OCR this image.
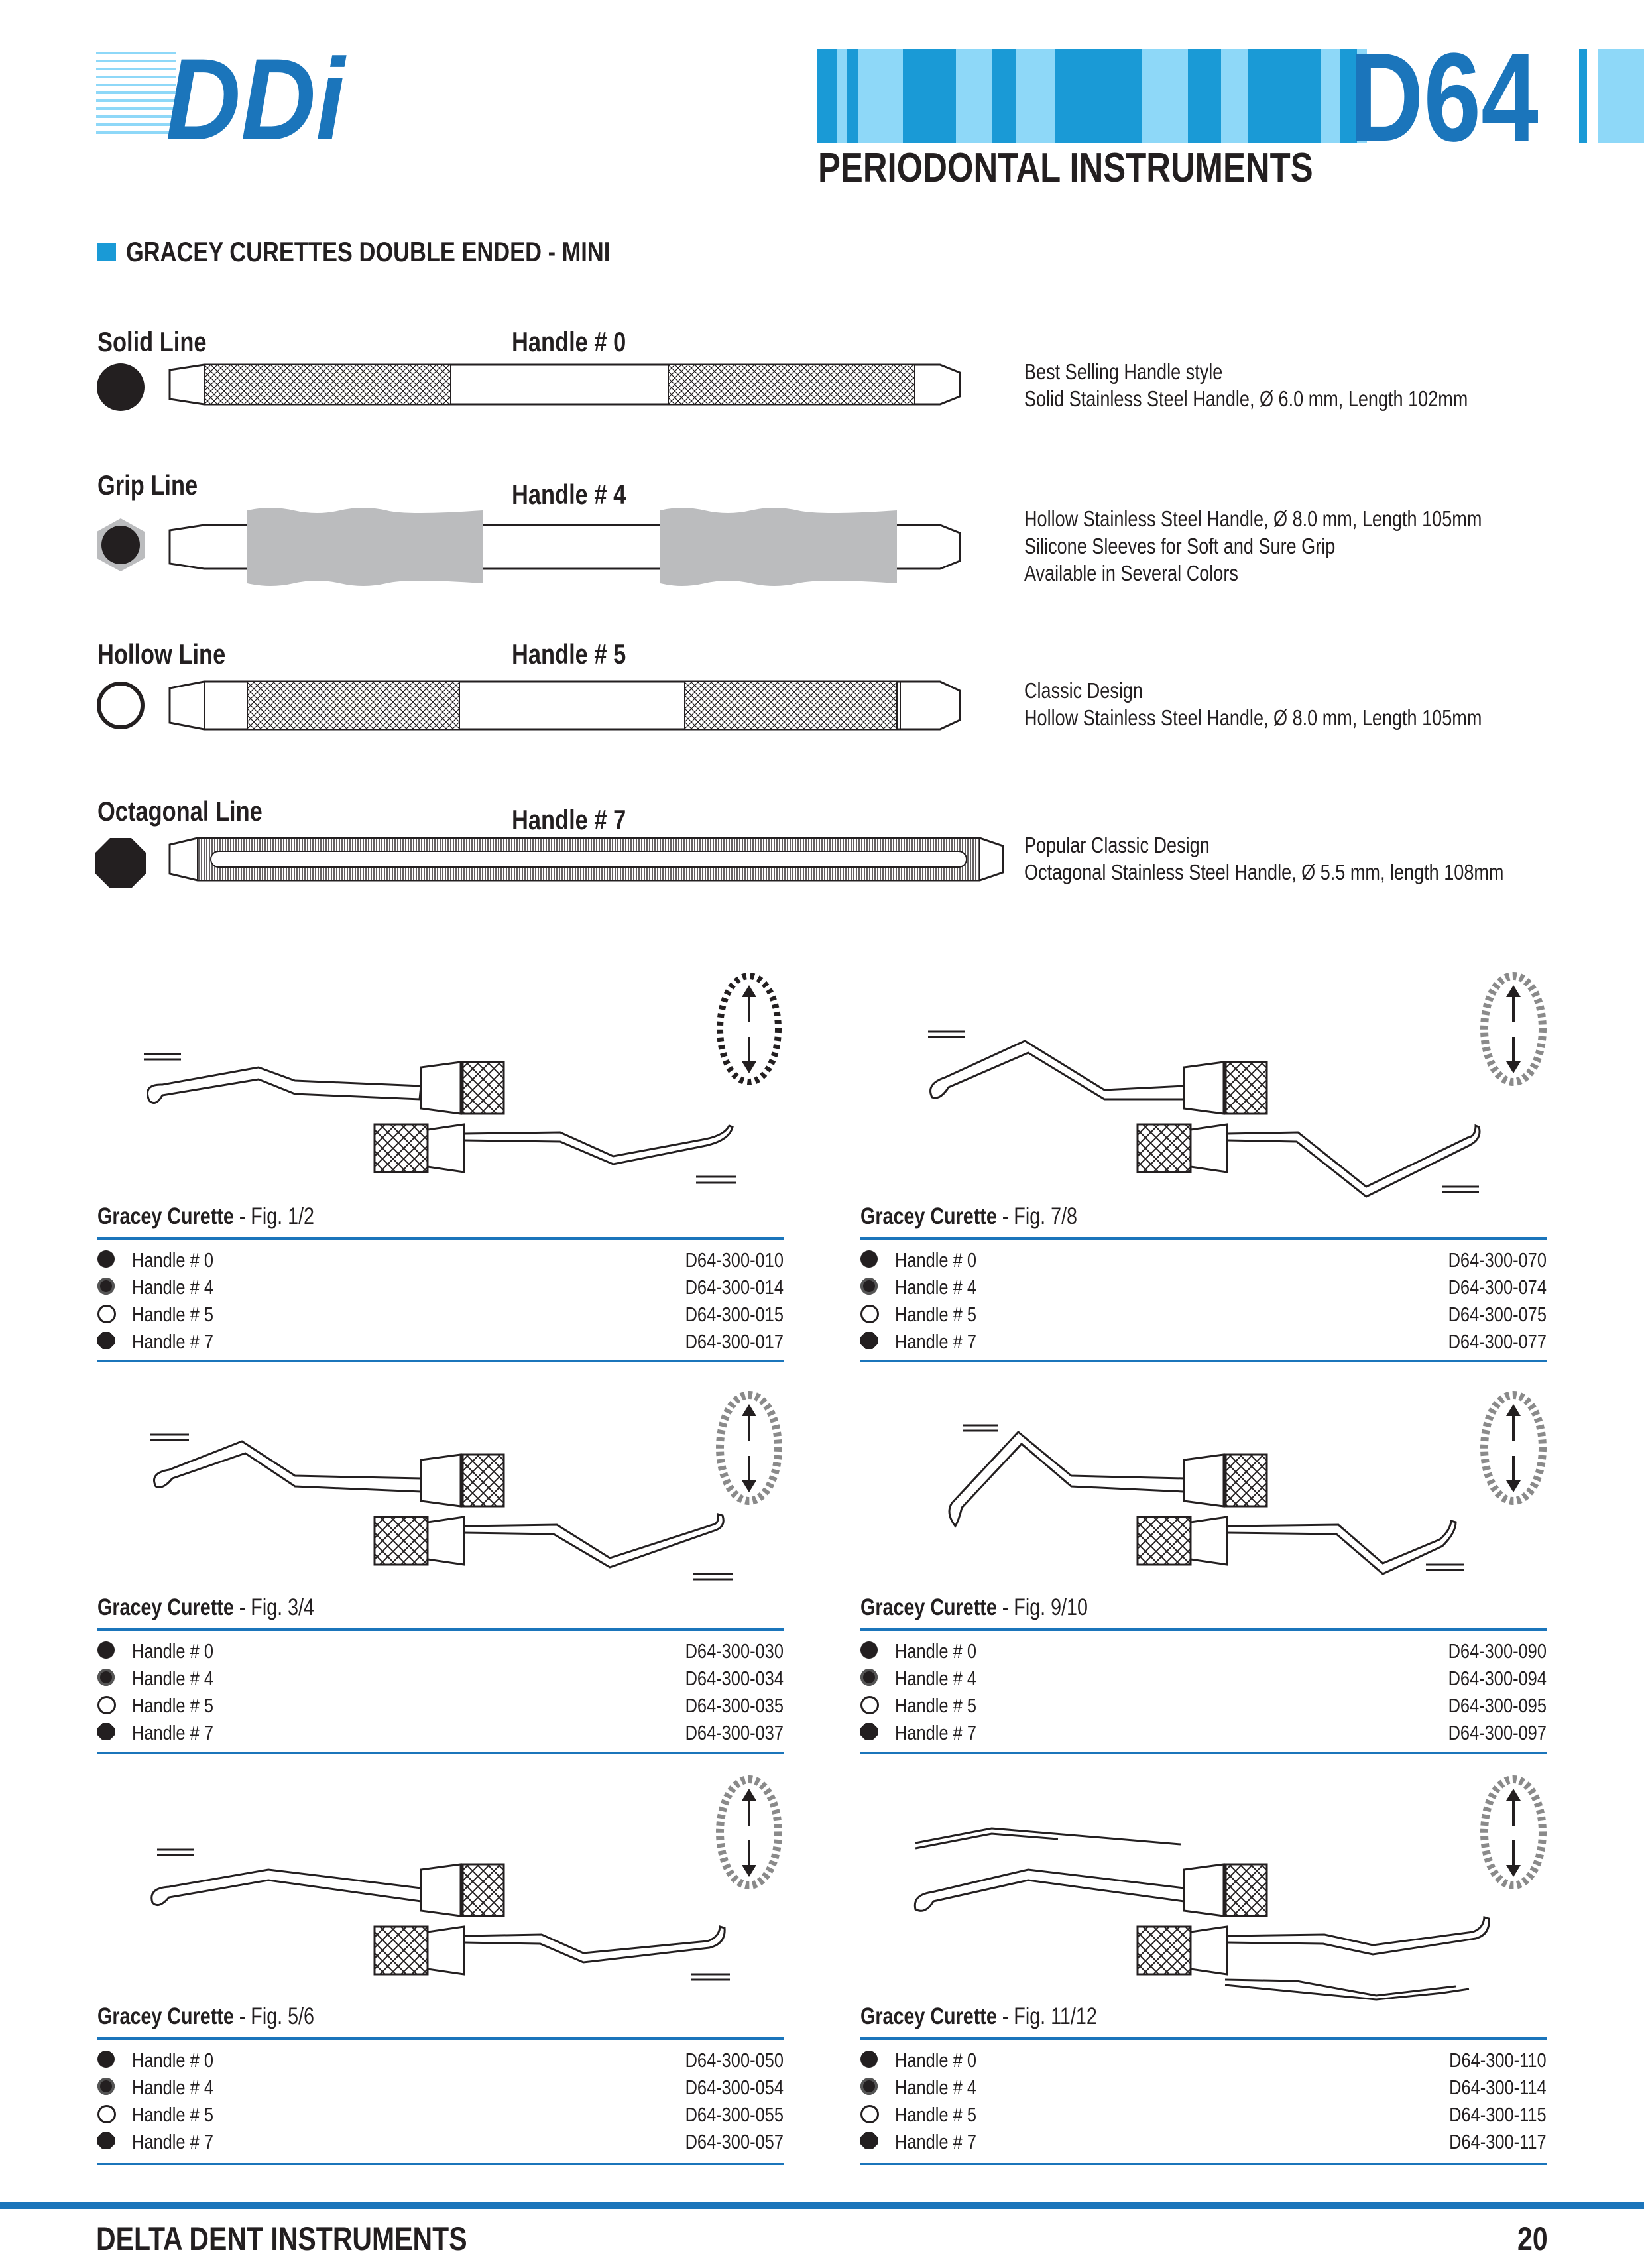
DDi	D64
PERIODONTAL INSTRUMENTS
GRACEY CURETTES DOUBLE ENDED - MINI
Solid Line	Handle # 0
Best Selling Handle style
Solid Stainless Steel Handle, Ø 6.0 mm, Length 102mm
Grip Line	Handle # 4
Hollow Stainless Steel Handle, Ø 8.0 mm, Length 105mm
Silicone Sleeves for Soft and Sure Grip
Available in Several Colors
Hollow Line	Handle # 5
Classic Design
Hollow Stainless Steel Handle, Ø 8.0 mm, Length 105mm
Octagonal Line	Handle # 7
Popular Classic Design
Octagonal Stainless Steel Handle, Ø 5.5 mm, length 108mm
Gracey Curette - Fig. 1/2
Handle # 0	D64-300-010
Handle # 4	D64-300-014
Handle # 5	D64-300-015
Handle # 7	D64-300-017
Gracey Curette - Fig. 7/8
Handle # 0	D64-300-070
Handle # 4	D64-300-074
Handle # 5	D64-300-075
Handle # 7	D64-300-077
Gracey Curette - Fig. 3/4
Handle # 0	D64-300-030
Handle # 4	D64-300-034
Handle # 5	D64-300-035
Handle # 7	D64-300-037
Gracey Curette - Fig. 9/10
Handle # 0	D64-300-090
Handle # 4	D64-300-094
Handle # 5	D64-300-095
Handle # 7	D64-300-097
Gracey Curette - Fig. 5/6
Handle # 0	D64-300-050
Handle # 4	D64-300-054
Handle # 5	D64-300-055
Handle # 7	D64-300-057
Gracey Curette - Fig. 11/12
Handle # 0	D64-300-110
Handle # 4	D64-300-114
Handle # 5	D64-300-115
Handle # 7	D64-300-117
DELTA DENT INSTRUMENTS	20
